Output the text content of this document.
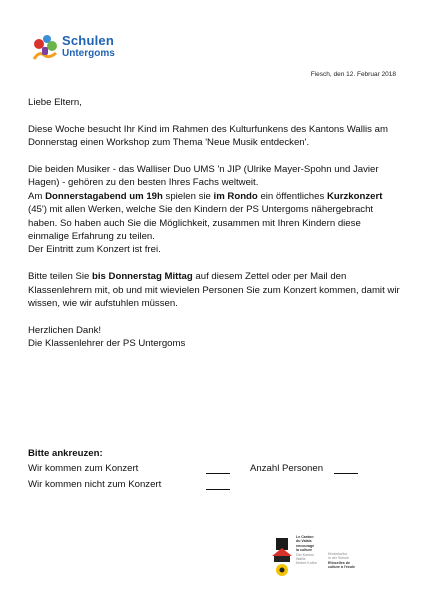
Schulen
Untergoms
Fiesch, den 12. Februar 2018

Liebe Eltern,

Diese Woche besucht Ihr Kind im Rahmen des Kulturfunkens des Kantons Wallis am Donnerstag einen Workshop zum Thema 'Neue Musik entdecken'.

Die beiden Musiker - das Walliser Duo UMS 'n JIP (Ulrike Mayer-Spohn und Javier Hagen) - gehören zu den besten Ihres Fachs weltweit.

Am Donnerstagabend um 19h spielen sie im Rondo ein öffentliches Kurzkonzert (45') mit allen Werken, welche Sie den Kindern der PS Untergoms nähergebracht haben. So haben auch Sie die Möglichkeit, zusammen mit Ihren Kindern diese einmalige Erfahrung zu teilen.

Der Eintritt zum Konzert ist frei.

Bitte teilen Sie bis Donnerstag Mittag auf diesem Zettel oder per Mail den Klassenlehrern mit, ob und mit wievielen Personen Sie zum Konzert kommen, damit wir wissen, wie wir aufstuhlen müssen.

Herzlichen Dank!

Die Klassenlehrer der PS Untergoms

Bitte ankreuzen:
Wir kommen zum Konzert
Wir kommen nicht zum Konzert
Anzahl Personen
Le Canton
du Valais
encourage
la culture
Der Kanton
Wallis
fördert Kultur
Kinderkultur
in der Schule
Etincelles de
culture à l'école
